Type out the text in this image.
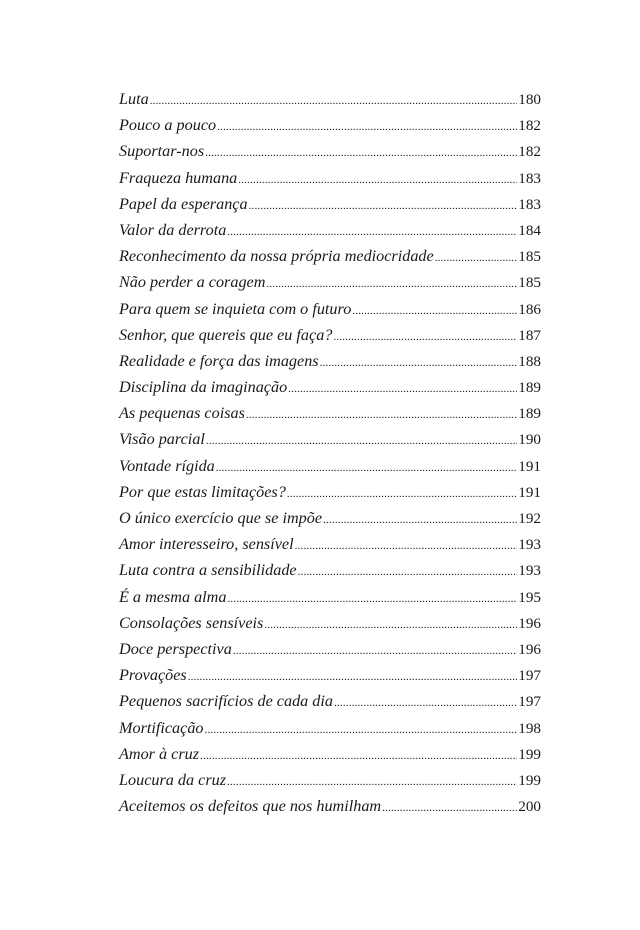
Luta .....	180
Pouco a pouco .....	182
Suportar-nos .....	182
Fraqueza humana .....	183
Papel da esperança .....	183
Valor da derrota .....	184
Reconhecimento da nossa própria mediocridade .....	185
Não perder a coragem .....	185
Para quem se inquieta com o futuro .....	186
Senhor, que quereis que eu faça? .....	187
Realidade e força das imagens .....	188
Disciplina da imaginação .....	189
As pequenas coisas .....	189
Visão parcial .....	190
Vontade rígida .....	191
Por que estas limitações? .....	191
O único exercício que se impõe .....	192
Amor interesseiro, sensível .....	193
Luta contra a sensibilidade .....	193
É a mesma alma .....	195
Consolações sensíveis .....	196
Doce perspectiva .....	196
Provações .....	197
Pequenos sacrifícios de cada dia .....	197
Mortificação .....	198
Amor à cruz .....	199
Loucura da cruz .....	199
Aceitemos os defeitos que nos humilham .....	200
